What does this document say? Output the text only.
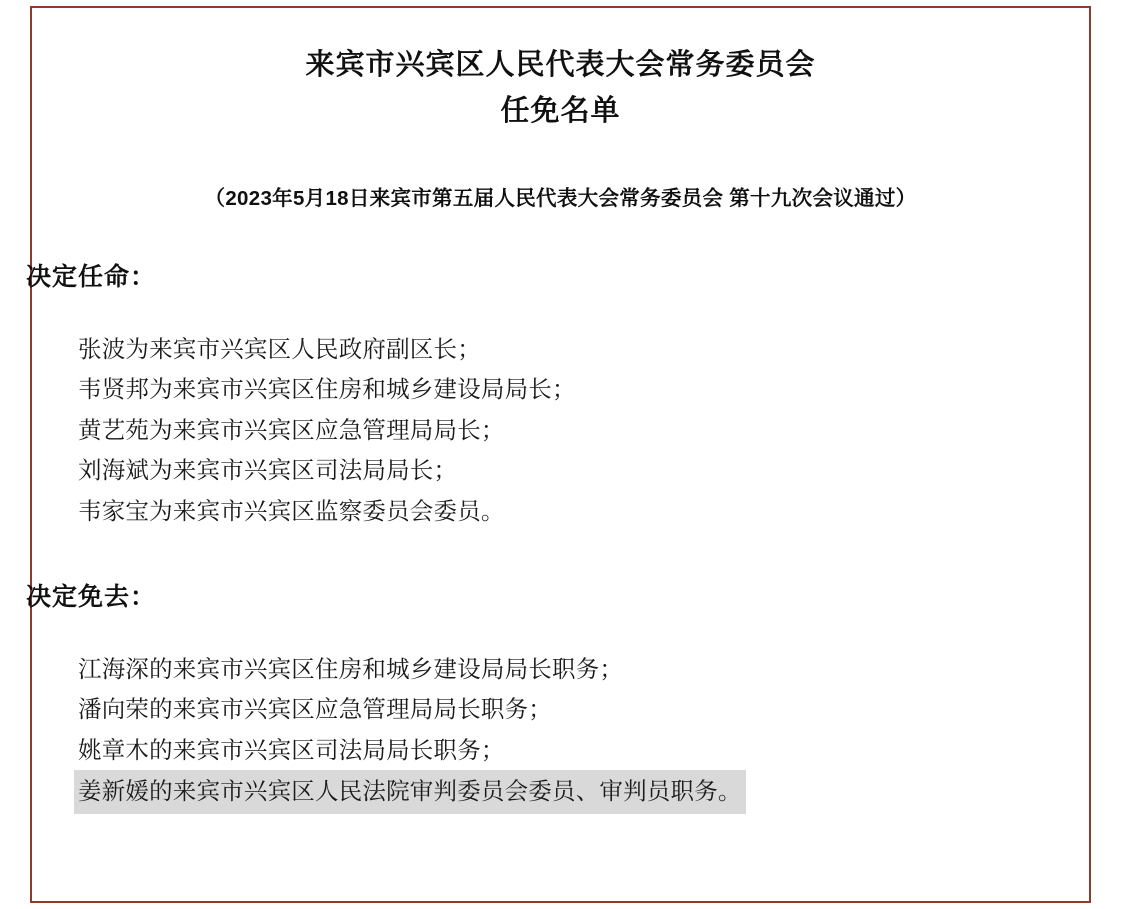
来宾市兴宾区人民代表大会常务委员会
任免名单
（2023年5月18日来宾市第五届人民代表大会常务委员会 第十九次会议通过）
决定任命：
张波为来宾市兴宾区人民政府副区长；
韦贤邦为来宾市兴宾区住房和城乡建设局局长；
黄艺苑为来宾市兴宾区应急管理局局长；
刘海斌为来宾市兴宾区司法局局长；
韦家宝为来宾市兴宾区监察委员会委员。
决定免去：
江海深的来宾市兴宾区住房和城乡建设局局长职务；
潘向荣的来宾市兴宾区应急管理局局长职务；
姚章木的来宾市兴宾区司法局局长职务；
姜新媛的来宾市兴宾区人民法院审判委员会委员、审判员职务。
